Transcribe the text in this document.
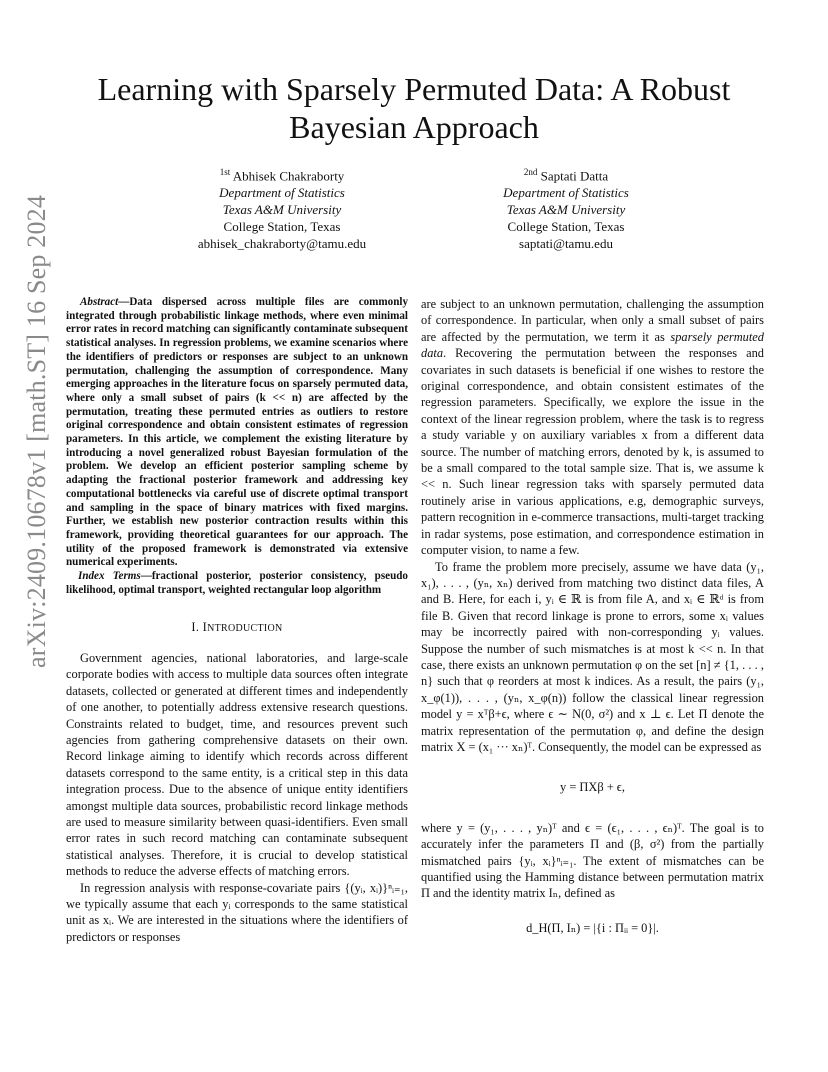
arXiv:2409.10678v1 [math.ST] 16 Sep 2024
Learning with Sparsely Permuted Data: A Robust Bayesian Approach
$^{1st}$ Abhisek Chakraborty
Department of Statistics
Texas A&M University
College Station, Texas
abhisek_chakraborty@tamu.edu
$^{2nd}$ Saptati Datta
Department of Statistics
Texas A&M University
College Station, Texas
saptati@tamu.edu

Abstract—Data dispersed across multiple files are commonly integrated through probabilistic linkage methods, where even minimal error rates in record matching can significantly contaminate subsequent statistical analyses. In regression problems, we examine scenarios where the identifiers of predictors or responses are subject to an unknown permutation, challenging the assumption of correspondence. Many emerging approaches in the literature focus on sparsely permuted data, where only a small subset of pairs (k << n) are affected by the permutation, treating these permuted entries as outliers to restore original correspondence and obtain consistent estimates of regression parameters. In this article, we complement the existing literature by introducing a novel generalized robust Bayesian formulation of the problem. We develop an efficient posterior sampling scheme by adapting the fractional posterior framework and addressing key computational bottlenecks via careful use of discrete optimal transport and sampling in the space of binary matrices with fixed margins. Further, we establish new posterior contraction results within this framework, providing theoretical guarantees for our approach. The utility of the proposed framework is demonstrated via extensive numerical experiments.

Index Terms—fractional posterior, posterior consistency, pseudo likelihood, optimal transport, weighted rectangular loop algorithm

I. INTRODUCTION

Government agencies, national laboratories, and large-scale corporate bodies with access to multiple data sources often integrate datasets, collected or generated at different times and independently of one another, to potentially address extensive research questions. Constraints related to budget, time, and resources prevent such agencies from gathering comprehensive datasets on their own. Record linkage aiming to identify which records across different datasets correspond to the same entity, is a critical step in this data integration process. Due to the absence of unique entity identifiers amongst multiple data sources, probabilistic record linkage methods are used to measure similarity between quasi-identifiers. Even small error rates in such record matching can contaminate subsequent statistical analyses. Therefore, it is crucial to develop statistical methods to reduce the adverse effects of matching errors.

In regression analysis with response-covariate pairs {(yᵢ, xᵢ)}ⁿᵢ₌₁, we typically assume that each yᵢ corresponds to the same statistical unit as xᵢ. We are interested in the situations where the identifiers of predictors or responses

are subject to an unknown permutation, challenging the assumption of correspondence. In particular, when only a small subset of pairs are affected by the permutation, we term it as sparsely permuted data. Recovering the permutation between the responses and covariates in such datasets is beneficial if one wishes to restore the original correspondence, and obtain consistent estimates of the regression parameters. Specifically, we explore the issue in the context of the linear regression problem, where the task is to regress a study variable y on auxiliary variables x from a different data source. The number of matching errors, denoted by k, is assumed to be a small compared to the total sample size. That is, we assume k << n. Such linear regression taks with sparsely permuted data routinely arise in various applications, e.g, demographic surveys, pattern recognition in e-commerce transactions, multi-target tracking in radar systems, pose estimation, and correspondence estimation in computer vision, to name a few.

To frame the problem more precisely, assume we have data (y₁, x₁), . . . , (yₙ, xₙ) derived from matching two distinct data files, A and B. Here, for each i, yᵢ ∈ ℝ is from file A, and xᵢ ∈ ℝᵈ is from file B. Given that record linkage is prone to errors, some xᵢ values may be incorrectly paired with non-corresponding yᵢ values. Suppose the number of such mismatches is at most k << n. In that case, there exists an unknown permutation φ on the set [n] ≠ {1, . . . , n} such that φ reorders at most k indices. As a result, the pairs (y₁, x_φ(1)), . . . , (yₙ, x_φ(n)) follow the classical linear regression model y = xᵀβ+ϵ, where ϵ ∼ N(0, σ²) and x ⊥ ϵ. Let Π denote the matrix representation of the permutation φ, and define the design matrix X = (x₁ ··· xₙ)ᵀ. Consequently, the model can be expressed as

y = ΠXβ + ϵ,

where y = (y₁, . . . , yₙ)ᵀ and ϵ = (ϵ₁, . . . , ϵₙ)ᵀ. The goal is to accurately infer the parameters Π and (β, σ²) from the partially mismatched pairs {yᵢ, xᵢ}ⁿᵢ₌₁. The extent of mismatches can be quantified using the Hamming distance between permutation matrix Π and the identity matrix Iₙ, defined as

d_H(Π, Iₙ) = |{i : Πᵢᵢ = 0}|.
